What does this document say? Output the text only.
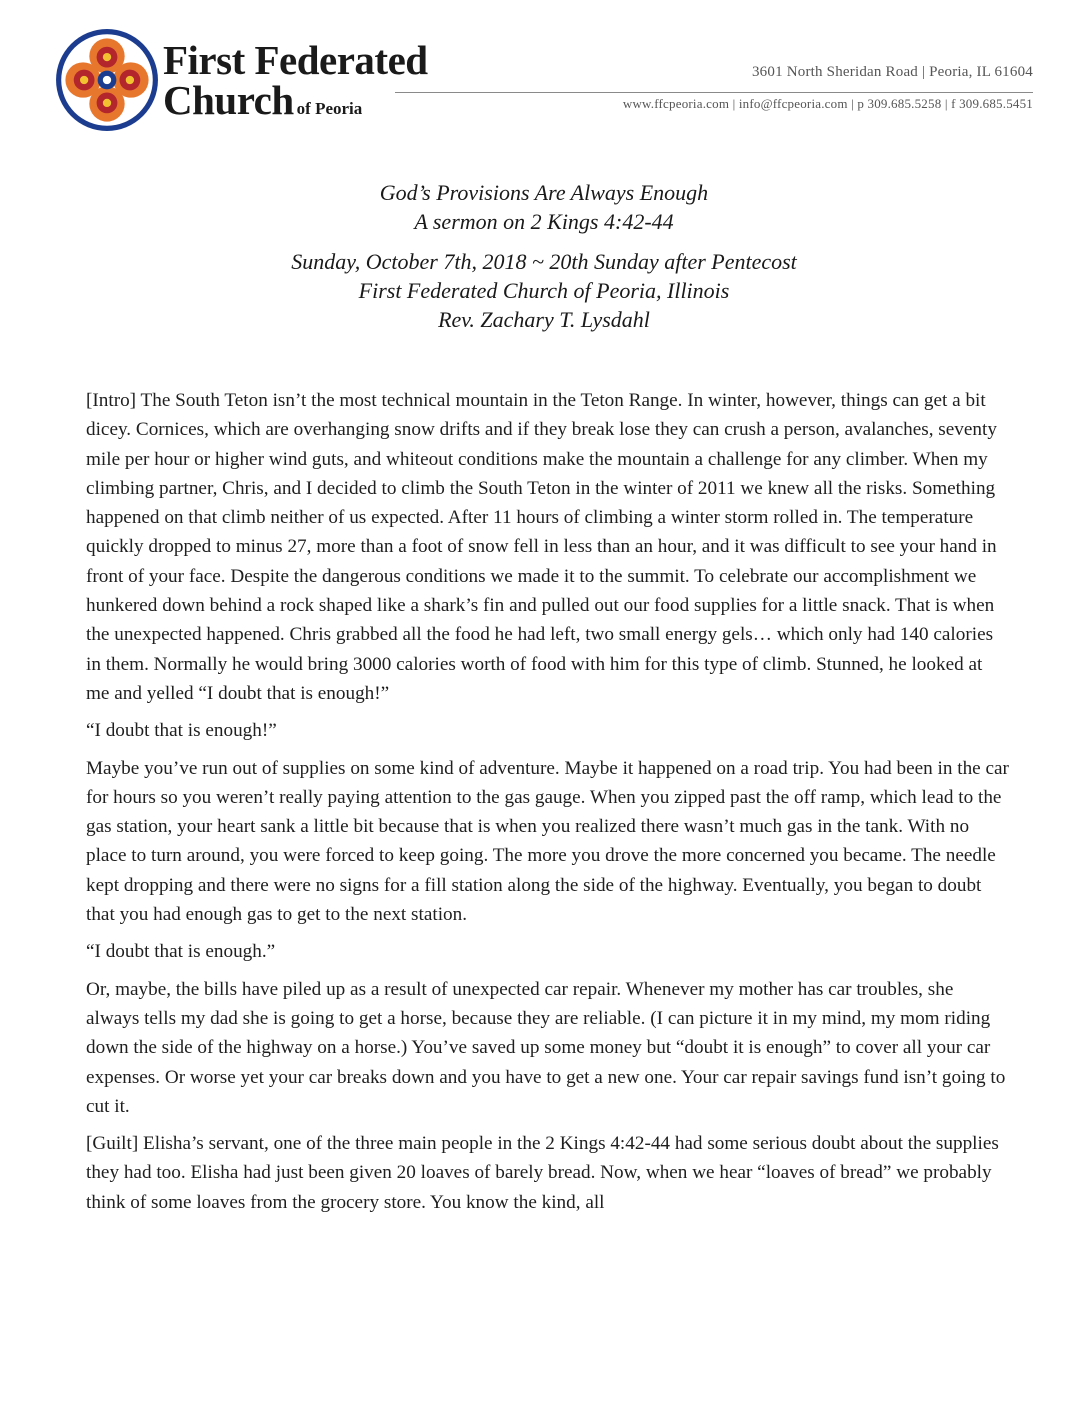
First Federated
Church of Peoria
3601 North Sheridan Road | Peoria, IL 61604
www.ffcpeoria.com | info@ffcpeoria.com | p 309.685.5258 | f 309.685.5451
God’s Provisions Are Always Enough
A sermon on 2 Kings 4:42-44
Sunday, October 7th, 2018 ~ 20th Sunday after Pentecost
First Federated Church of Peoria, Illinois
Rev. Zachary T. Lysdahl

[Intro] The South Teton isn’t the most technical mountain in the Teton Range. In winter, however, things can get a bit dicey. Cornices, which are overhanging snow drifts and if they break lose they can crush a person, avalanches, seventy mile per hour or higher wind guts, and whiteout conditions make the mountain a challenge for any climber. When my climbing partner, Chris, and I decided to climb the South Teton in the winter of 2011 we knew all the risks. Something happened on that climb neither of us expected. After 11 hours of climbing a winter storm rolled in. The temperature quickly dropped to minus 27, more than a foot of snow fell in less than an hour, and it was difficult to see your hand in front of your face. Despite the dangerous conditions we made it to the summit. To celebrate our accomplishment we hunkered down behind a rock shaped like a shark’s fin and pulled out our food supplies for a little snack. That is when the unexpected happened. Chris grabbed all the food he had left, two small energy gels… which only had 140 calories in them. Normally he would bring 3000 calories worth of food with him for this type of climb. Stunned, he looked at me and yelled “I doubt that is enough!”

“I doubt that is enough!”

Maybe you’ve run out of supplies on some kind of adventure. Maybe it happened on a road trip. You had been in the car for hours so you weren’t really paying attention to the gas gauge. When you zipped past the off ramp, which lead to the gas station, your heart sank a little bit because that is when you realized there wasn’t much gas in the tank. With no place to turn around, you were forced to keep going. The more you drove the more concerned you became. The needle kept dropping and there were no signs for a fill station along the side of the highway. Eventually, you began to doubt that you had enough gas to get to the next station.

“I doubt that is enough.”

Or, maybe, the bills have piled up as a result of unexpected car repair. Whenever my mother has car troubles, she always tells my dad she is going to get a horse, because they are reliable. (I can picture it in my mind, my mom riding down the side of the highway on a horse.) You’ve saved up some money but “doubt it is enough” to cover all your car expenses. Or worse yet your car breaks down and you have to get a new one. Your car repair savings fund isn’t going to cut it.

[Guilt] Elisha’s servant, one of the three main people in the 2 Kings 4:42-44 had some serious doubt about the supplies they had too. Elisha had just been given 20 loaves of barely bread. Now, when we hear “loaves of bread” we probably think of some loaves from the grocery store. You know the kind, all
